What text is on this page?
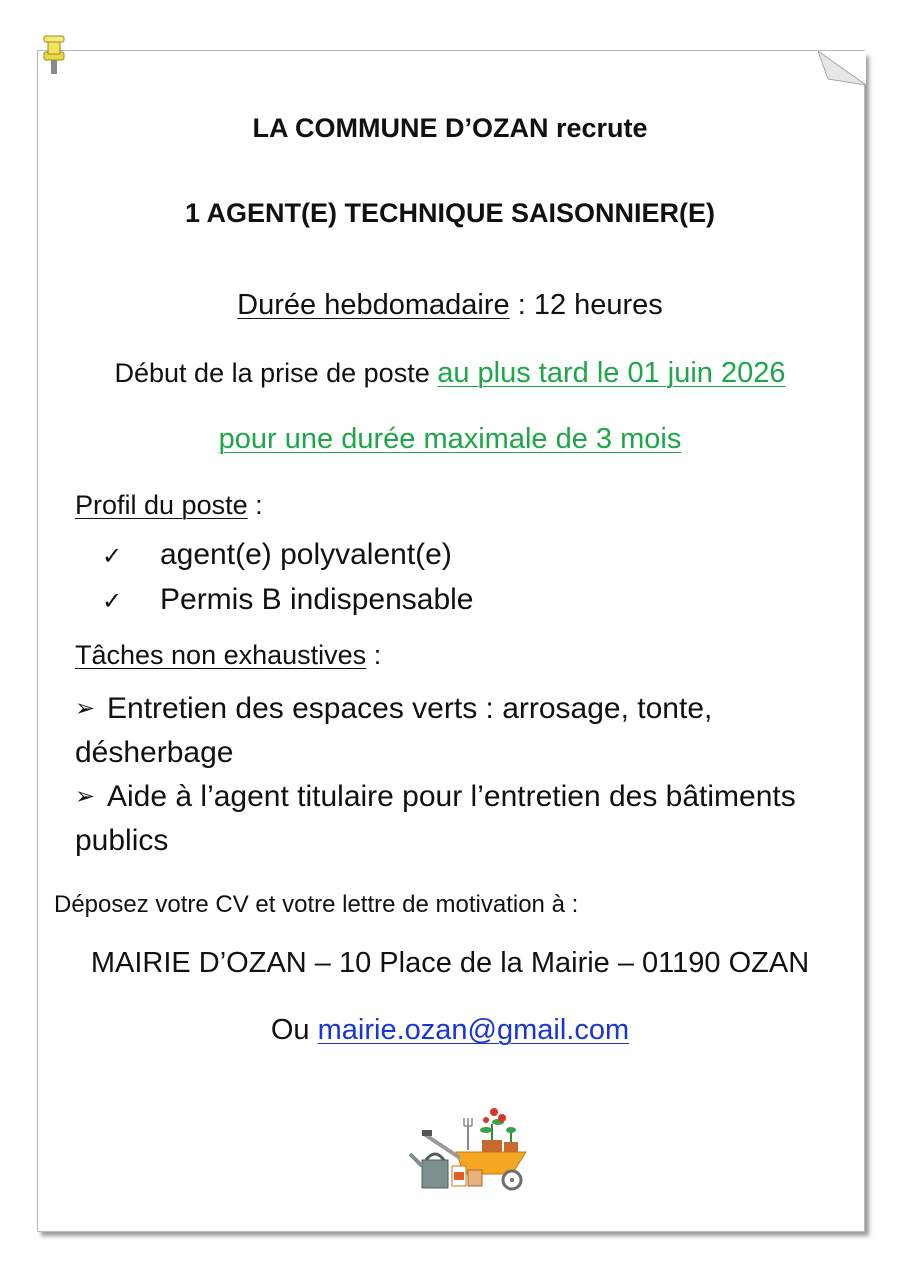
LA COMMUNE D’OZAN recrute
1 AGENT(E) TECHNIQUE SAISONNIER(E)
Durée hebdomadaire : 12 heures
Début de la prise de poste au plus tard le 01 juin 2026
pour une durée maximale de 3 mois
Profil du poste :
✓ agent(e) polyvalent(e)
✓ Permis B indispensable
Tâches non exhaustives :
➢ Entretien des espaces verts : arrosage, tonte, désherbage
➢ Aide à l’agent titulaire pour l’entretien des bâtiments publics
Déposez votre CV et votre lettre de motivation à :
MAIRIE D’OZAN – 10 Place de la Mairie – 01190 OZAN
Ou mairie.ozan@gmail.com
